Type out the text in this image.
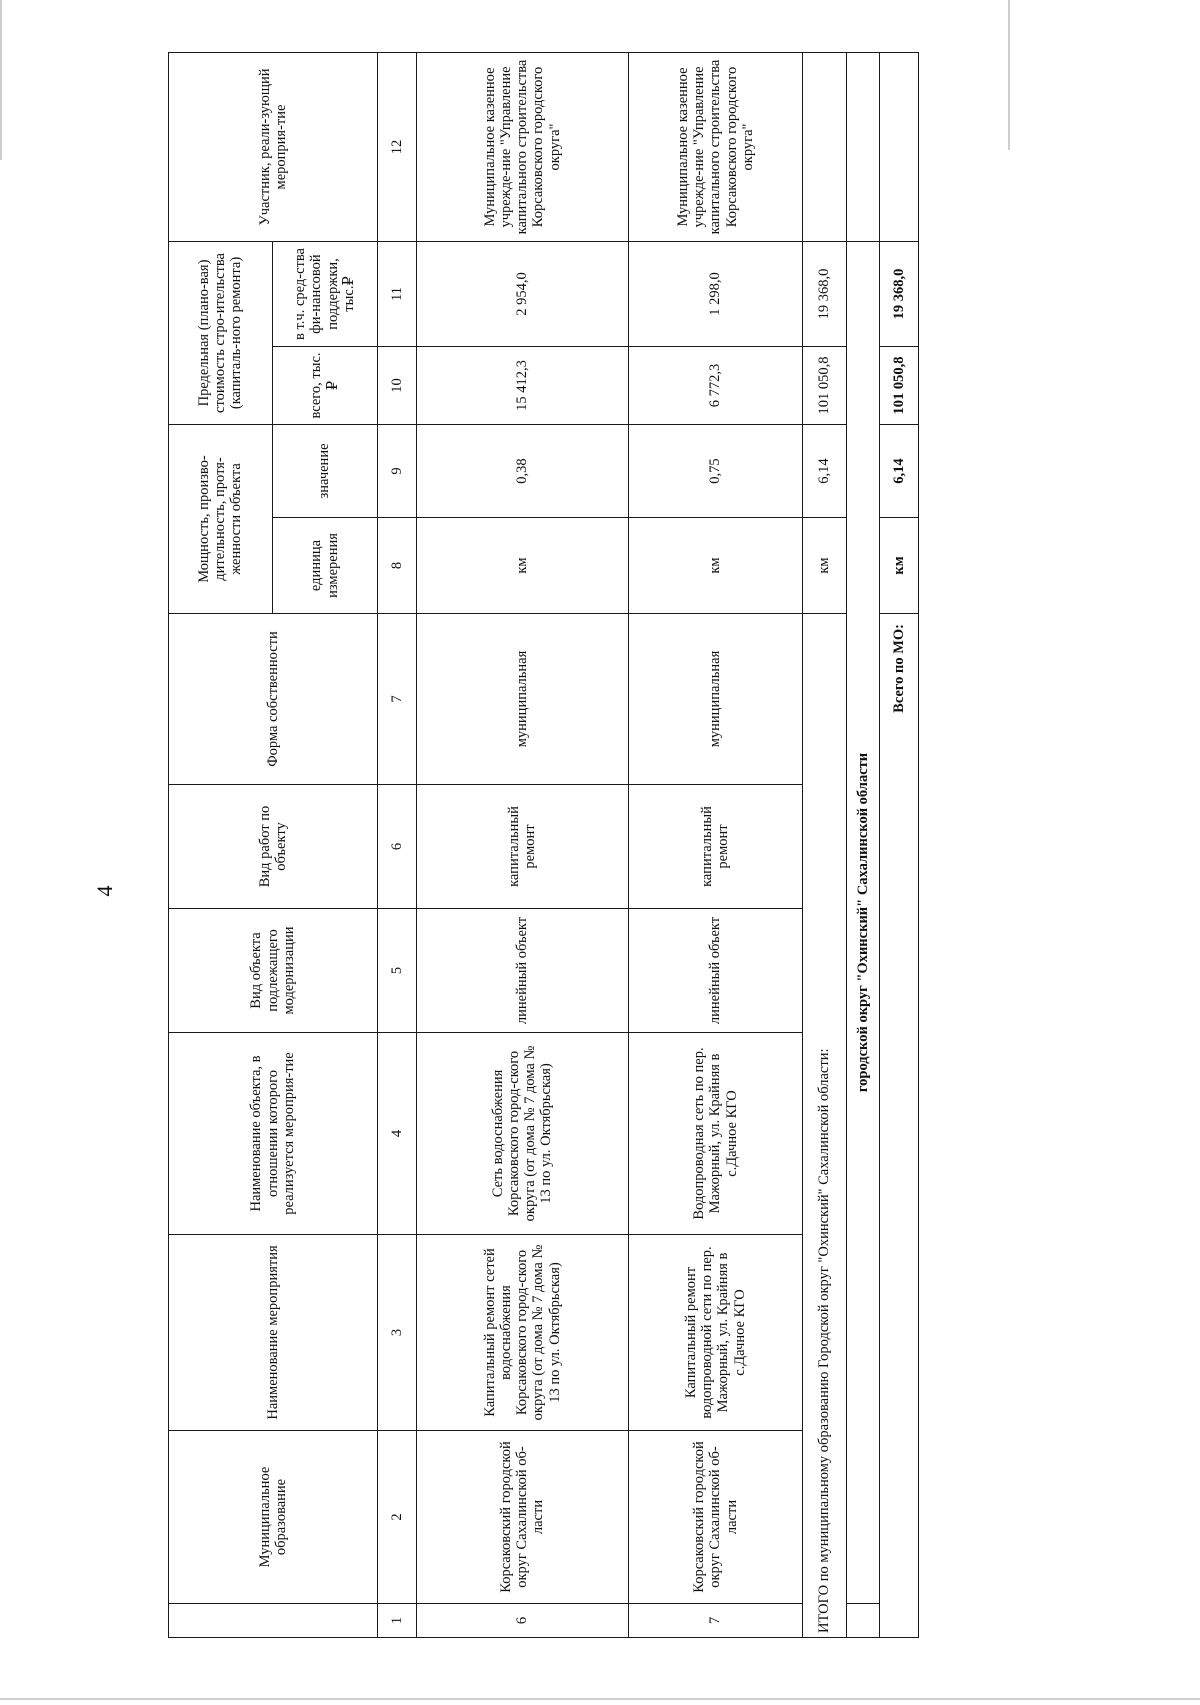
4
	Муниципальное образование	Наименование мероприятия	Наименование объекта, в отношении которого реализуется мероприя-тие	Вид объекта подлежащего модернизации	Вид работ по объекту	Форма собственности	Мощность, произво-дительность, протя-женности объекта		Предельная (плано-вая) стоимость стро-ительства (капиталь-ного ремонта)		Участник, реали-зующий мероприя-тие
							единица измерения	значение	всего, тыс.₽	в т.ч. сред-ства фи-нансовой поддержки, тыс.₽	
1	2	3	4	5	6	7	8	9	10	11	12
6	Корсаковский городской округ Сахалинской об-ласти	Капитальный ремонт сетей водоснабжения Корсаковского город-ского округа (от дома № 7 дома № 13 по ул. Октябрьская)	Сеть водоснабжения Корсаковского город-ского округа (от дома № 7 дома № 13 по ул. Октябрьская)	линейный объект	капитальный ремонт	муниципальная	км	0,38	15 412,3	2 954,0	Муниципальное казенное учрежде-ние "Управление капитального строительства Корсаковского городского округа"
7	Корсаковский городской округ Сахалинской об-ласти	Капитальный ремонт водопроводной сети по пер. Мажорный, ул. Крайняя в с.Дачное КГО	Водопроводная сеть по пер. Мажорный, ул. Крайняя в с.Дачное КГО	линейный объект	капитальный ремонт	муниципальная	км	0,75	6 772,3	1 298,0	Муниципальное казенное учрежде-ние "Управление капитального строительства Корсаковского городского округа"
ИТОГО по муниципальному образованию Городской округ "Охинский" Сахалинской области:							км	6,14	101 050,8	19 368,0	
	городской округ "Охинский" Сахалинской области										
Всего по МО:							км	6,14	101 050,8	19 368,0	
